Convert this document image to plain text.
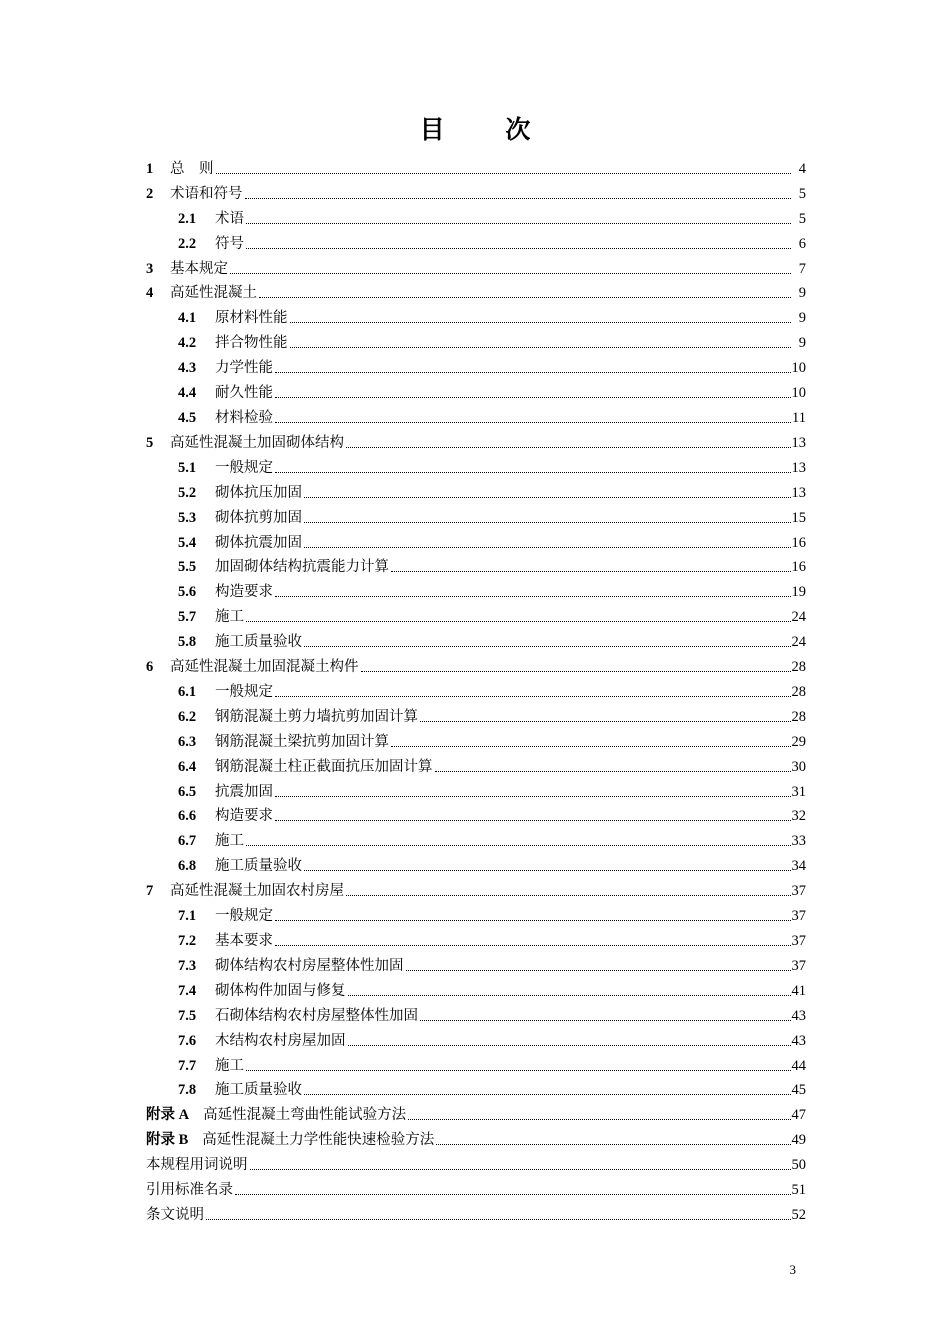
目 次
1	总　则	4
2	术语和符号	5
2.1	术语	5
2.2	符号	6
3	基本规定	7
4	高延性混凝土	9
4.1	原材料性能	9
4.2	拌合物性能	9
4.3	力学性能	10
4.4	耐久性能	10
4.5	材料检验	11
5	高延性混凝土加固砌体结构	13
5.1	一般规定	13
5.2	砌体抗压加固	13
5.3	砌体抗剪加固	15
5.4	砌体抗震加固	16
5.5	加固砌体结构抗震能力计算	16
5.6	构造要求	19
5.7	施工	24
5.8	施工质量验收	24
6	高延性混凝土加固混凝土构件	28
6.1	一般规定	28
6.2	钢筋混凝土剪力墙抗剪加固计算	28
6.3	钢筋混凝土梁抗剪加固计算	29
6.4	钢筋混凝土柱正截面抗压加固计算	30
6.5	抗震加固	31
6.6	构造要求	32
6.7	施工	33
6.8	施工质量验收	34
7	高延性混凝土加固农村房屋	37
7.1	一般规定	37
7.2	基本要求	37
7.3	砌体结构农村房屋整体性加固	37
7.4	砌体构件加固与修复	41
7.5	石砌体结构农村房屋整体性加固	43
7.6	木结构农村房屋加固	43
7.7	施工	44
7.8	施工质量验收	45
附录 A 高延性混凝土弯曲性能试验方法	47
附录 B 高延性混凝土力学性能快速检验方法	49
本规程用词说明	50
引用标准名录	51
条文说明	52
3
